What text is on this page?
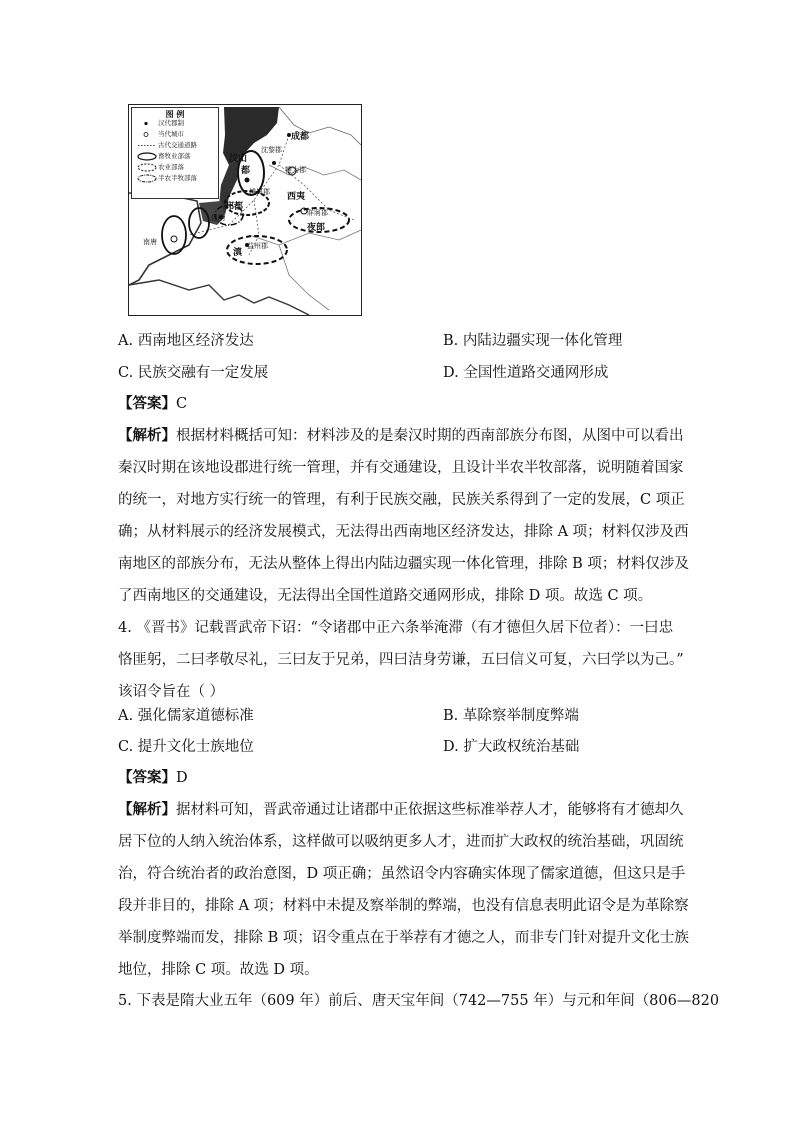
图 例
汉代郡制
当代城市
古代交通道路
畜牧业部落
农业部落
半农半牧部落
成都
犍为郡
越嶲郡
沈黎郡
昆明
南唐
西夷
牂牁郡
夜郎
益州郡
滇
汶山
都
邛都
A. 西南地区经济发达	B. 内陆边疆实现一体化管理
C. 民族交融有一定发展	D. 全国性道路交通网形成
【答案】C
【解析】根据材料概括可知：材料涉及的是秦汉时期的西南部族分布图，从图中可以看出
秦汉时期在该地设郡进行统一管理，并有交通建设，且设计半农半牧部落，说明随着国家
的统一，对地方实行统一的管理，有利于民族交融，民族关系得到了一定的发展，C 项正
确；从材料展示的经济发展模式，无法得出西南地区经济发达，排除 A 项；材料仅涉及西
南地区的部族分布，无法从整体上得出内陆边疆实现一体化管理，排除 B 项；材料仅涉及
了西南地区的交通建设，无法得出全国性道路交通网形成，排除 D 项。故选 C 项。
4. 《晋书》记载晋武帝下诏：“令诸郡中正六条举淹滞（有才德但久居下位者）：一曰忠
恪匪躬，二曰孝敬尽礼，三曰友于兄弟，四曰洁身劳谦，五曰信义可复，六曰学以为己。”
该诏令旨在（ ）
A. 强化儒家道德标准	B. 革除察举制度弊端
C. 提升文化士族地位	D. 扩大政权统治基础
【答案】D
【解析】据材料可知，晋武帝通过让诸郡中正依据这些标准举荐人才，能够将有才德却久
居下位的人纳入统治体系，这样做可以吸纳更多人才，进而扩大政权的统治基础，巩固统
治，符合统治者的政治意图，D 项正确；虽然诏令内容确实体现了儒家道德，但这只是手
段并非目的，排除 A 项；材料中未提及察举制的弊端，也没有信息表明此诏令是为革除察
举制度弊端而发，排除 B 项；诏令重点在于举荐有才德之人，而非专门针对提升文化士族
地位，排除 C 项。故选 D 项。
5. 下表是隋大业五年（609 年）前后、唐天宝年间（742—755 年）与元和年间（806—820
